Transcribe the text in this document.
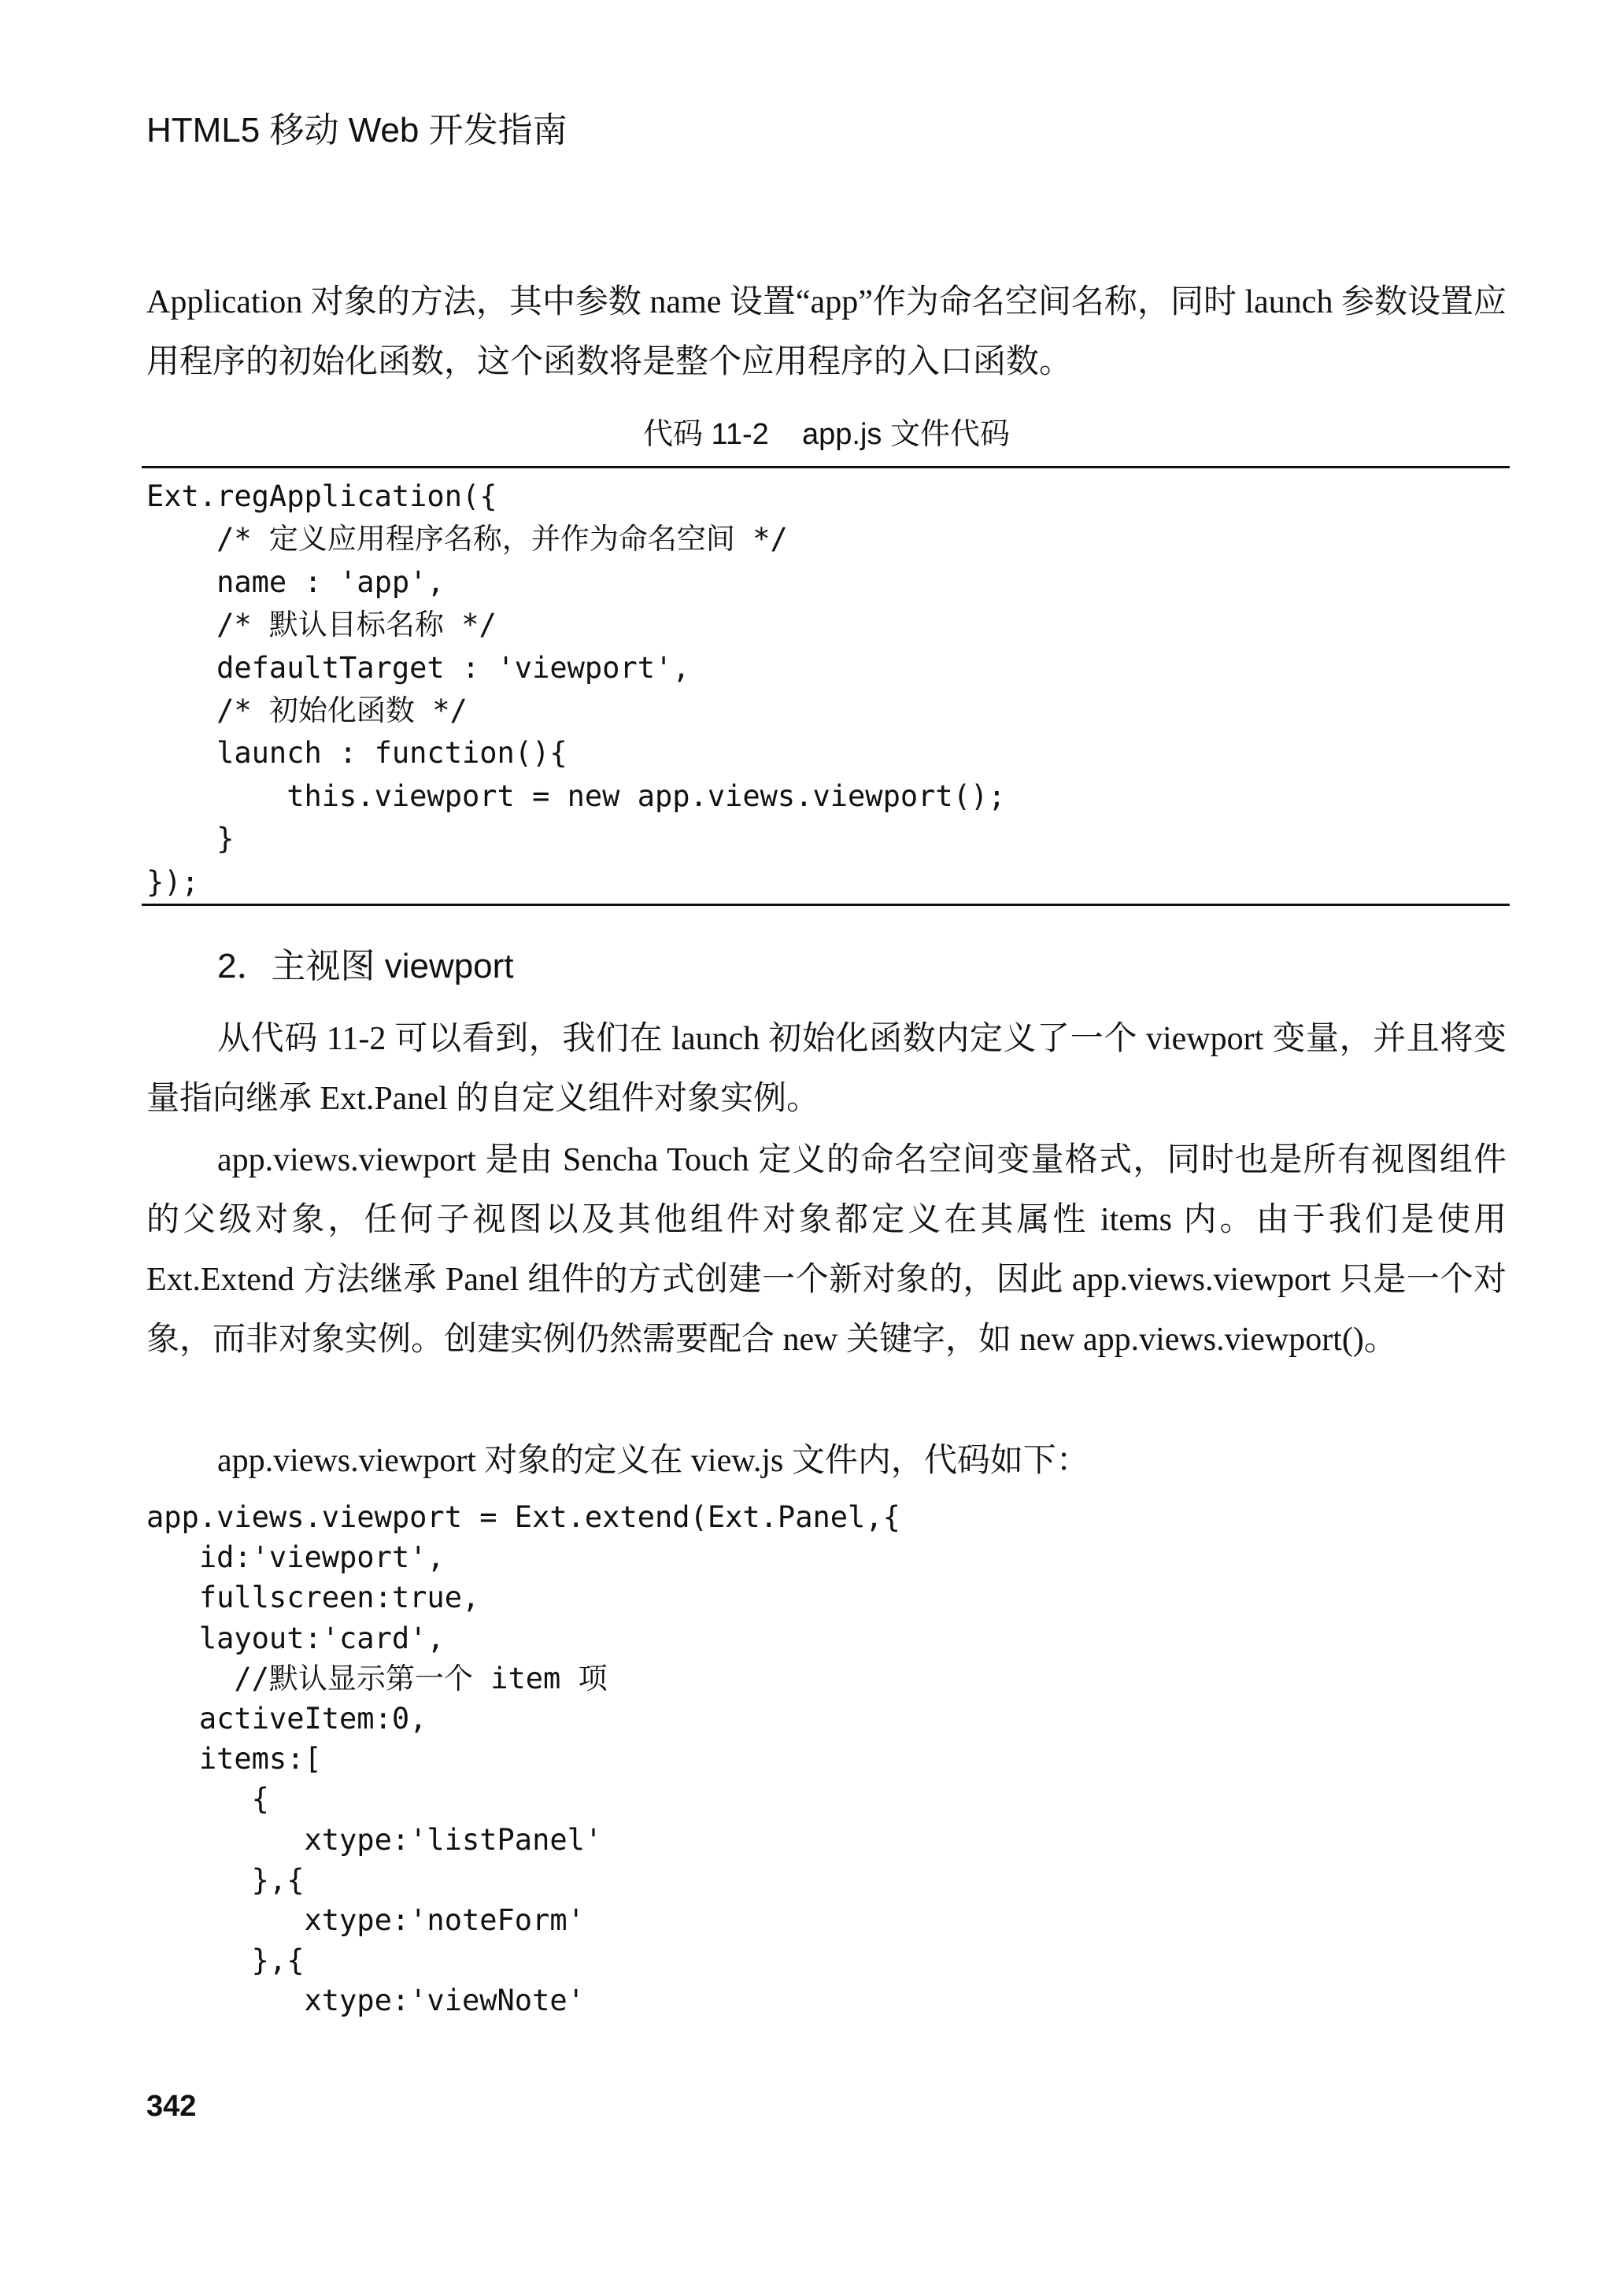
HTML5 移动 Web 开发指南

Application 对象的方法，其中参数 name 设置“app”作为命名空间名称，同时 launch 参数设置应用程序的初始化函数，这个函数将是整个应用程序的入口函数。

代码 11-2    app.js 文件代码
Ext.regApplication({
/* 定义应用程序名称，并作为命名空间 */
name : 'app',
/* 默认目标名称 */
defaultTarget : 'viewport',
/* 初始化函数 */
launch : function(){
this.viewport = new app.views.viewport();
}
});
2．主视图 viewport

从代码 11-2 可以看到，我们在 launch 初始化函数内定义了一个 viewport 变量，并且将变量指向继承 Ext.Panel 的自定义组件对象实例。

app.views.viewport 是由 Sencha Touch 定义的命名空间变量格式，同时也是所有视图组件的父级对象，任何子视图以及其他组件对象都定义在其属性 items 内。由于我们是使用 Ext.Extend 方法继承 Panel 组件的方式创建一个新对象的，因此 app.views.viewport 只是一个对象，而非对象实例。创建实例仍然需要配合 new 关键字，如 new app.views.viewport()。

app.views.viewport 对象的定义在 view.js 文件内，代码如下：

app.views.viewport = Ext.extend(Ext.Panel,{
id:'viewport',
fullscreen:true,
layout:'card',
//默认显示第一个 item 项
activeItem:0,
items:[
{
xtype:'listPanel'
},{
xtype:'noteForm'
},{
xtype:'viewNote'
342
